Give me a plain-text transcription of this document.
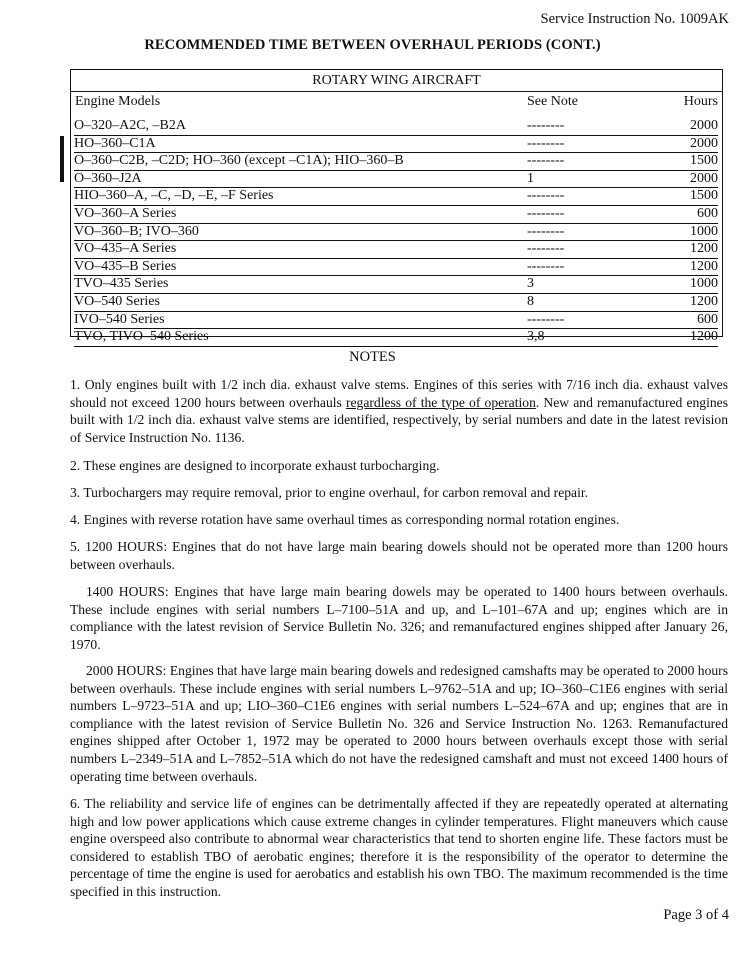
Service Instruction No. 1009AK
RECOMMENDED TIME BETWEEN OVERHAUL PERIODS (CONT.)
ROTARY WING AIRCRAFT
Engine Models	See Note	Hours
O–320–A2C, –B2A	--------	2000
HO–360–C1A	--------	2000
O–360–C2B, –C2D; HO–360 (except –C1A); HIO–360–B	--------	1500
O–360–J2A	1	2000
HIO–360–A, –C, –D, –E, –F Series	--------	1500
VO–360–A Series	--------	600
VO–360–B; IVO–360	--------	1000
VO–435–A Series	--------	1200
VO–435–B Series	--------	1200
TVO–435 Series	3	1000
VO–540 Series	8	1200
IVO–540 Series	--------	600
TVO, TIVO–540 Series	3,8	1200
NOTES

1. Only engines built with 1/2 inch dia. exhaust valve stems. Engines of this series with 7/16 inch dia. exhaust valves should not exceed 1200 hours between overhauls regardless of the type of operation. New and remanufactured engines built with 1/2 inch dia. exhaust valve stems are identified, respectively, by serial numbers and date in the latest revision of Service Instruction No. 1136.

2. These engines are designed to incorporate exhaust turbocharging.

3. Turbochargers may require removal, prior to engine overhaul, for carbon removal and repair.

4. Engines with reverse rotation have same overhaul times as corresponding normal rotation engines.

5. 1200 HOURS: Engines that do not have large main bearing dowels should not be operated more than 1200 hours between overhauls.

1400 HOURS: Engines that have large main bearing dowels may be operated to 1400 hours between overhauls. These include engines with serial numbers L–7100–51A and up, and L–101–67A and up; engines which are in compliance with the latest revision of Service Bulletin No. 326; and remanufactured engines shipped after January 26, 1970.

2000 HOURS: Engines that have large main bearing dowels and redesigned camshafts may be operated to 2000 hours between overhauls. These include engines with serial numbers L–9762–51A and up; IO–360–C1E6 engines with serial numbers L–9723–51A and up; LIO–360–C1E6 engines with serial numbers L–524–67A and up; engines that are in compliance with the latest revision of Service Bulletin No. 326 and Service Instruction No. 1263. Remanufactured engines shipped after October 1, 1972 may be operated to 2000 hours between overhauls except those with serial numbers L–2349–51A and L–7852–51A which do not have the redesigned camshaft and must not exceed 1400 hours of operating time between overhauls.

6. The reliability and service life of engines can be detrimentally affected if they are repeatedly operated at alternating high and low power applications which cause extreme changes in cylinder temperatures. Flight maneuvers which cause engine overspeed also contribute to abnormal wear characteristics that tend to shorten engine life. These factors must be considered to establish TBO of aerobatic engines; therefore it is the responsibility of the operator to determine the percentage of time the engine is used for aerobatics and establish his own TBO. The maximum recommended is the time specified in this instruction.

Page 3 of 4
